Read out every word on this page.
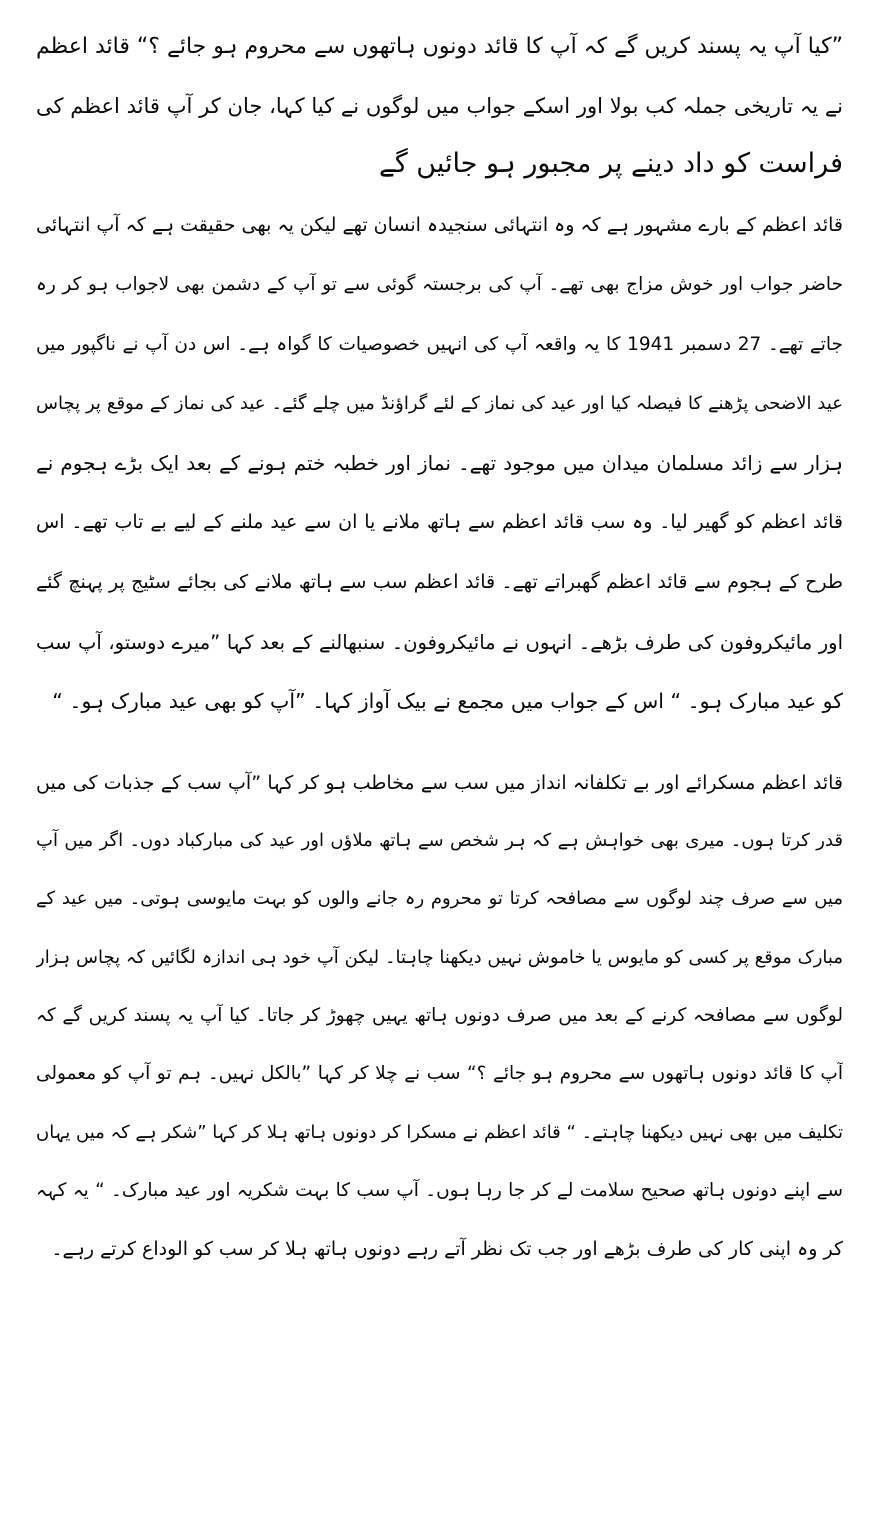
”کیا آپ یہ پسند کریں گے کہ آپ کا قائد دونوں ہاتھوں سے محروم ہو جائے ؟“ قائد اعظم
نے یہ تاریخی جملہ کب بولا اور اسکے جواب میں لوگوں نے کیا کہا، جان کر آپ قائد اعظم کی
فراست کو داد دینے پر مجبور ہو جائیں گے
قائد اعظم کے بارے مشہور ہے کہ وہ انتہائی سنجیدہ انسان تھے لیکن یہ بھی حقیقت ہے کہ آپ انتہائی
حاضر جواب اور خوش مزاج بھی تھے۔ آپ کی برجستہ گوئی سے تو آپ کے دشمن بھی لاجواب ہو کر رہ
جاتے تھے۔ 27 دسمبر 1941 کا یہ واقعہ آپ کی انہیں خصوصیات کا گواہ ہے۔ اس دن آپ نے ناگپور میں
عید الاضحی پڑھنے کا فیصلہ کیا اور عید کی نماز کے لئے گراؤنڈ میں چلے گئے۔ عید کی نماز کے موقع پر پچاس
ہزار سے زائد مسلمان میدان میں موجود تھے۔ نماز اور خطبہ ختم ہونے کے بعد ایک بڑے ہجوم نے
قائد اعظم کو گھیر لیا۔ وہ سب قائد اعظم سے ہاتھ ملانے یا ان سے عید ملنے کے لیے بے تاب تھے۔ اس
طرح کے ہجوم سے قائد اعظم گھبراتے تھے۔ قائد اعظم سب سے ہاتھ ملانے کی بجائے سٹیج پر پہنچ گئے
اور مائیکروفون کی طرف بڑھے۔ انہوں نے مائیکروفون۔ سنبھالنے کے بعد کہا ”میرے دوستو، آپ سب
کو عید مبارک ہو۔ “ اس کے جواب میں مجمع نے بیک آواز کہا۔ ”آپ کو بھی عید مبارک ہو۔ “
قائد اعظم مسکرائے اور بے تکلفانہ انداز میں سب سے مخاطب ہو کر کہا ”آپ سب کے جذبات کی میں
قدر کرتا ہوں۔ میری بھی خواہش ہے کہ ہر شخص سے ہاتھ ملاؤں اور عید کی مبارکباد دوں۔ اگر میں آپ
میں سے صرف چند لوگوں سے مصافحہ کرتا تو محروم رہ جانے والوں کو بہت مایوسی ہوتی۔ میں عید کے
مبارک موقع پر کسی کو مایوس یا خاموش نہیں دیکھنا چاہتا۔ لیکن آپ خود ہی اندازہ لگائیں کہ پچاس ہزار
لوگوں سے مصافحہ کرنے کے بعد میں صرف دونوں ہاتھ یہیں چھوڑ کر جاتا۔ کیا آپ یہ پسند کریں گے کہ
آپ کا قائد دونوں ہاتھوں سے محروم ہو جائے ؟“ سب نے چلا کر کہا ”بالکل نہیں۔ ہم تو آپ کو معمولی
تکلیف میں بھی نہیں دیکھنا چاہتے۔ “ قائد اعظم نے مسکرا کر دونوں ہاتھ ہلا کر کہا ”شکر ہے کہ میں یہاں
سے اپنے دونوں ہاتھ صحیح سلامت لے کر جا رہا ہوں۔ آپ سب کا بہت شکریہ اور عید مبارک۔ “ یہ کہہ
کر وہ اپنی کار کی طرف بڑھے اور جب تک نظر آتے رہے دونوں ہاتھ ہلا کر سب کو الوداع کرتے رہے۔
